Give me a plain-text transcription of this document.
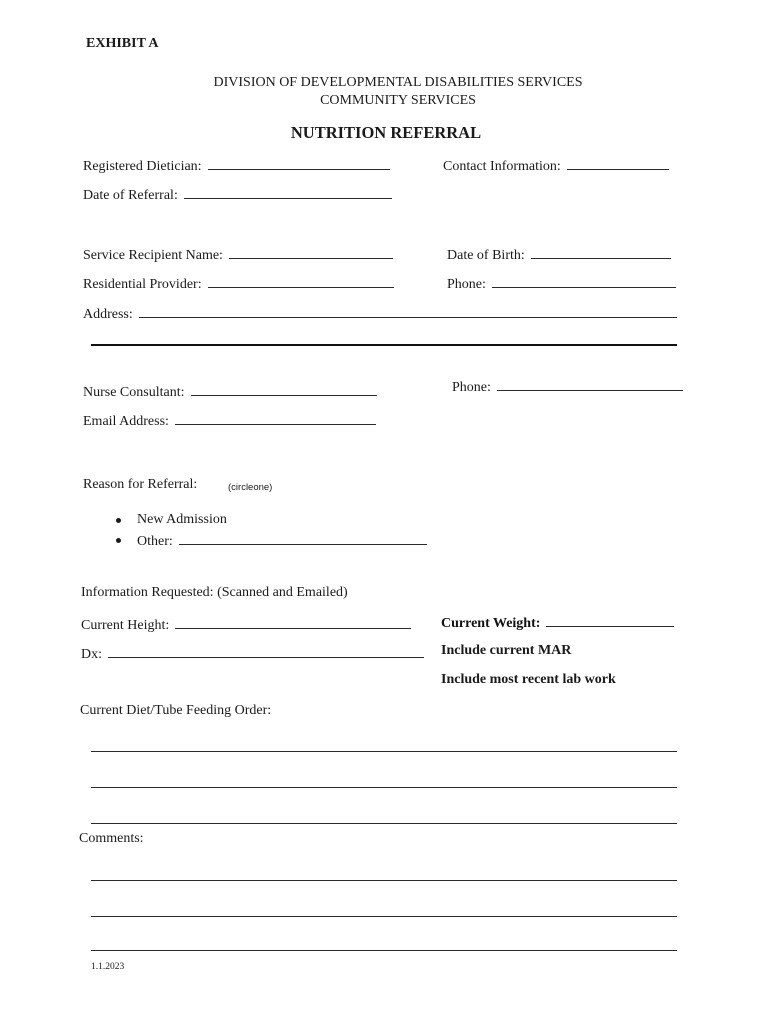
EXHIBIT A
DIVISION OF DEVELOPMENTAL DISABILITIES SERVICES
COMMUNITY SERVICES
NUTRITION REFERRAL
Registered Dietician:	Contact Information:
Date of Referral:
Service Recipient Name:	Date of Birth:
Residential Provider:	Phone:
Address:
Nurse Consultant:	Phone:
Email Address:
Reason for Referral:	(circleone)
New Admission
Other:
Information Requested: (Scanned and Emailed)
Current Height:	Current Weight:
Dx:	Include current MAR
Include most recent lab work
Current Diet/Tube Feeding Order:
Comments:
1.1.2023
